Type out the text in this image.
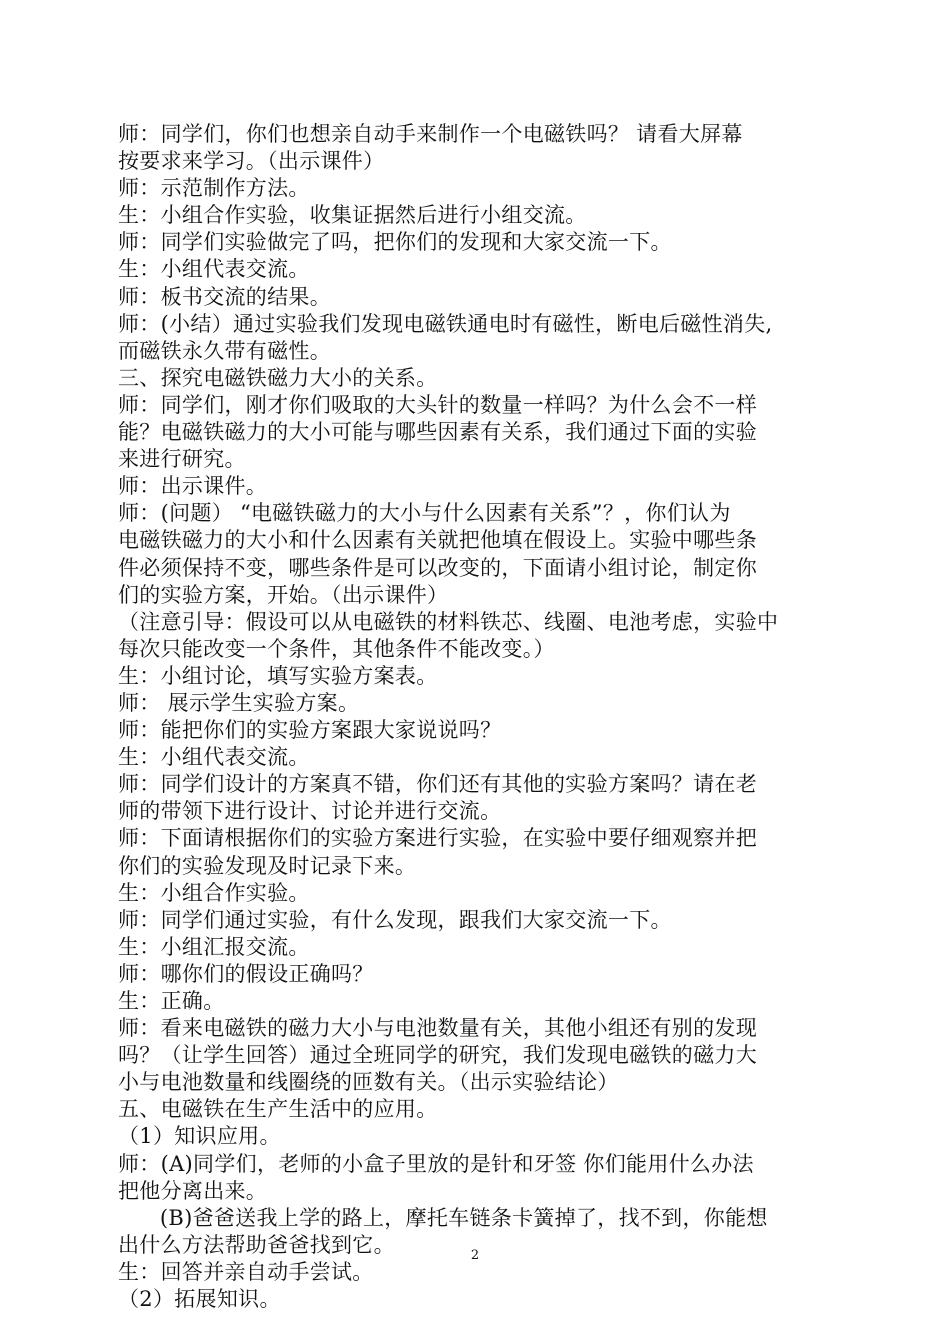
师：同学们，你们也想亲自动手来制作一个电磁铁吗？ 请看大屏幕
按要求来学习。（出示课件）
师：示范制作方法。
生：小组合作实验，收集证据然后进行小组交流。
师：同学们实验做完了吗，把你们的发现和大家交流一下。
生：小组代表交流。
师：板书交流的结果。
师：(小结）通过实验我们发现电磁铁通电时有磁性，断电后磁性消失,
而磁铁永久带有磁性。
三、探究电磁铁磁力大小的关系。
师：同学们，刚才你们吸取的大头针的数量一样吗？为什么会不一样
能？电磁铁磁力的大小可能与哪些因素有关系，我们通过下面的实验
来进行研究。
师：出示课件。
师：(问题） “电磁铁磁力的大小与什么因素有关系”？，你们认为
电磁铁磁力的大小和什么因素有关就把他填在假设上。实验中哪些条
件必须保持不变，哪些条件是可以改变的，下面请小组讨论，制定你
们的实验方案，开始。（出示课件）
（注意引导：假设可以从电磁铁的材料铁芯、线圈、电池考虑，实验中
每次只能改变一个条件，其他条件不能改变。）
生：小组讨论，填写实验方案表。
师： 展示学生实验方案。
师：能把你们的实验方案跟大家说说吗？
生：小组代表交流。
师：同学们设计的方案真不错，你们还有其他的实验方案吗？请在老
师的带领下进行设计、讨论并进行交流。
师：下面请根据你们的实验方案进行实验，在实验中要仔细观察并把
你们的实验发现及时记录下来。
生：小组合作实验。
师：同学们通过实验，有什么发现，跟我们大家交流一下。
生：小组汇报交流。
师：哪你们的假设正确吗？
生：正确。
师：看来电磁铁的磁力大小与电池数量有关，其他小组还有别的发现
吗？（让学生回答）通过全班同学的研究，我们发现电磁铁的磁力大
小与电池数量和线圈绕的匝数有关。（出示实验结论）
五、电磁铁在生产生活中的应用。
（1）知识应用。
师：(A)同学们，老师的小盒子里放的是针和牙签 你们能用什么办法
把他分离出来。
(B)爸爸送我上学的路上，摩托车链条卡簧掉了，找不到，你能想
出什么方法帮助爸爸找到它。
生：回答并亲自动手尝试。
（2）拓展知识。
2
